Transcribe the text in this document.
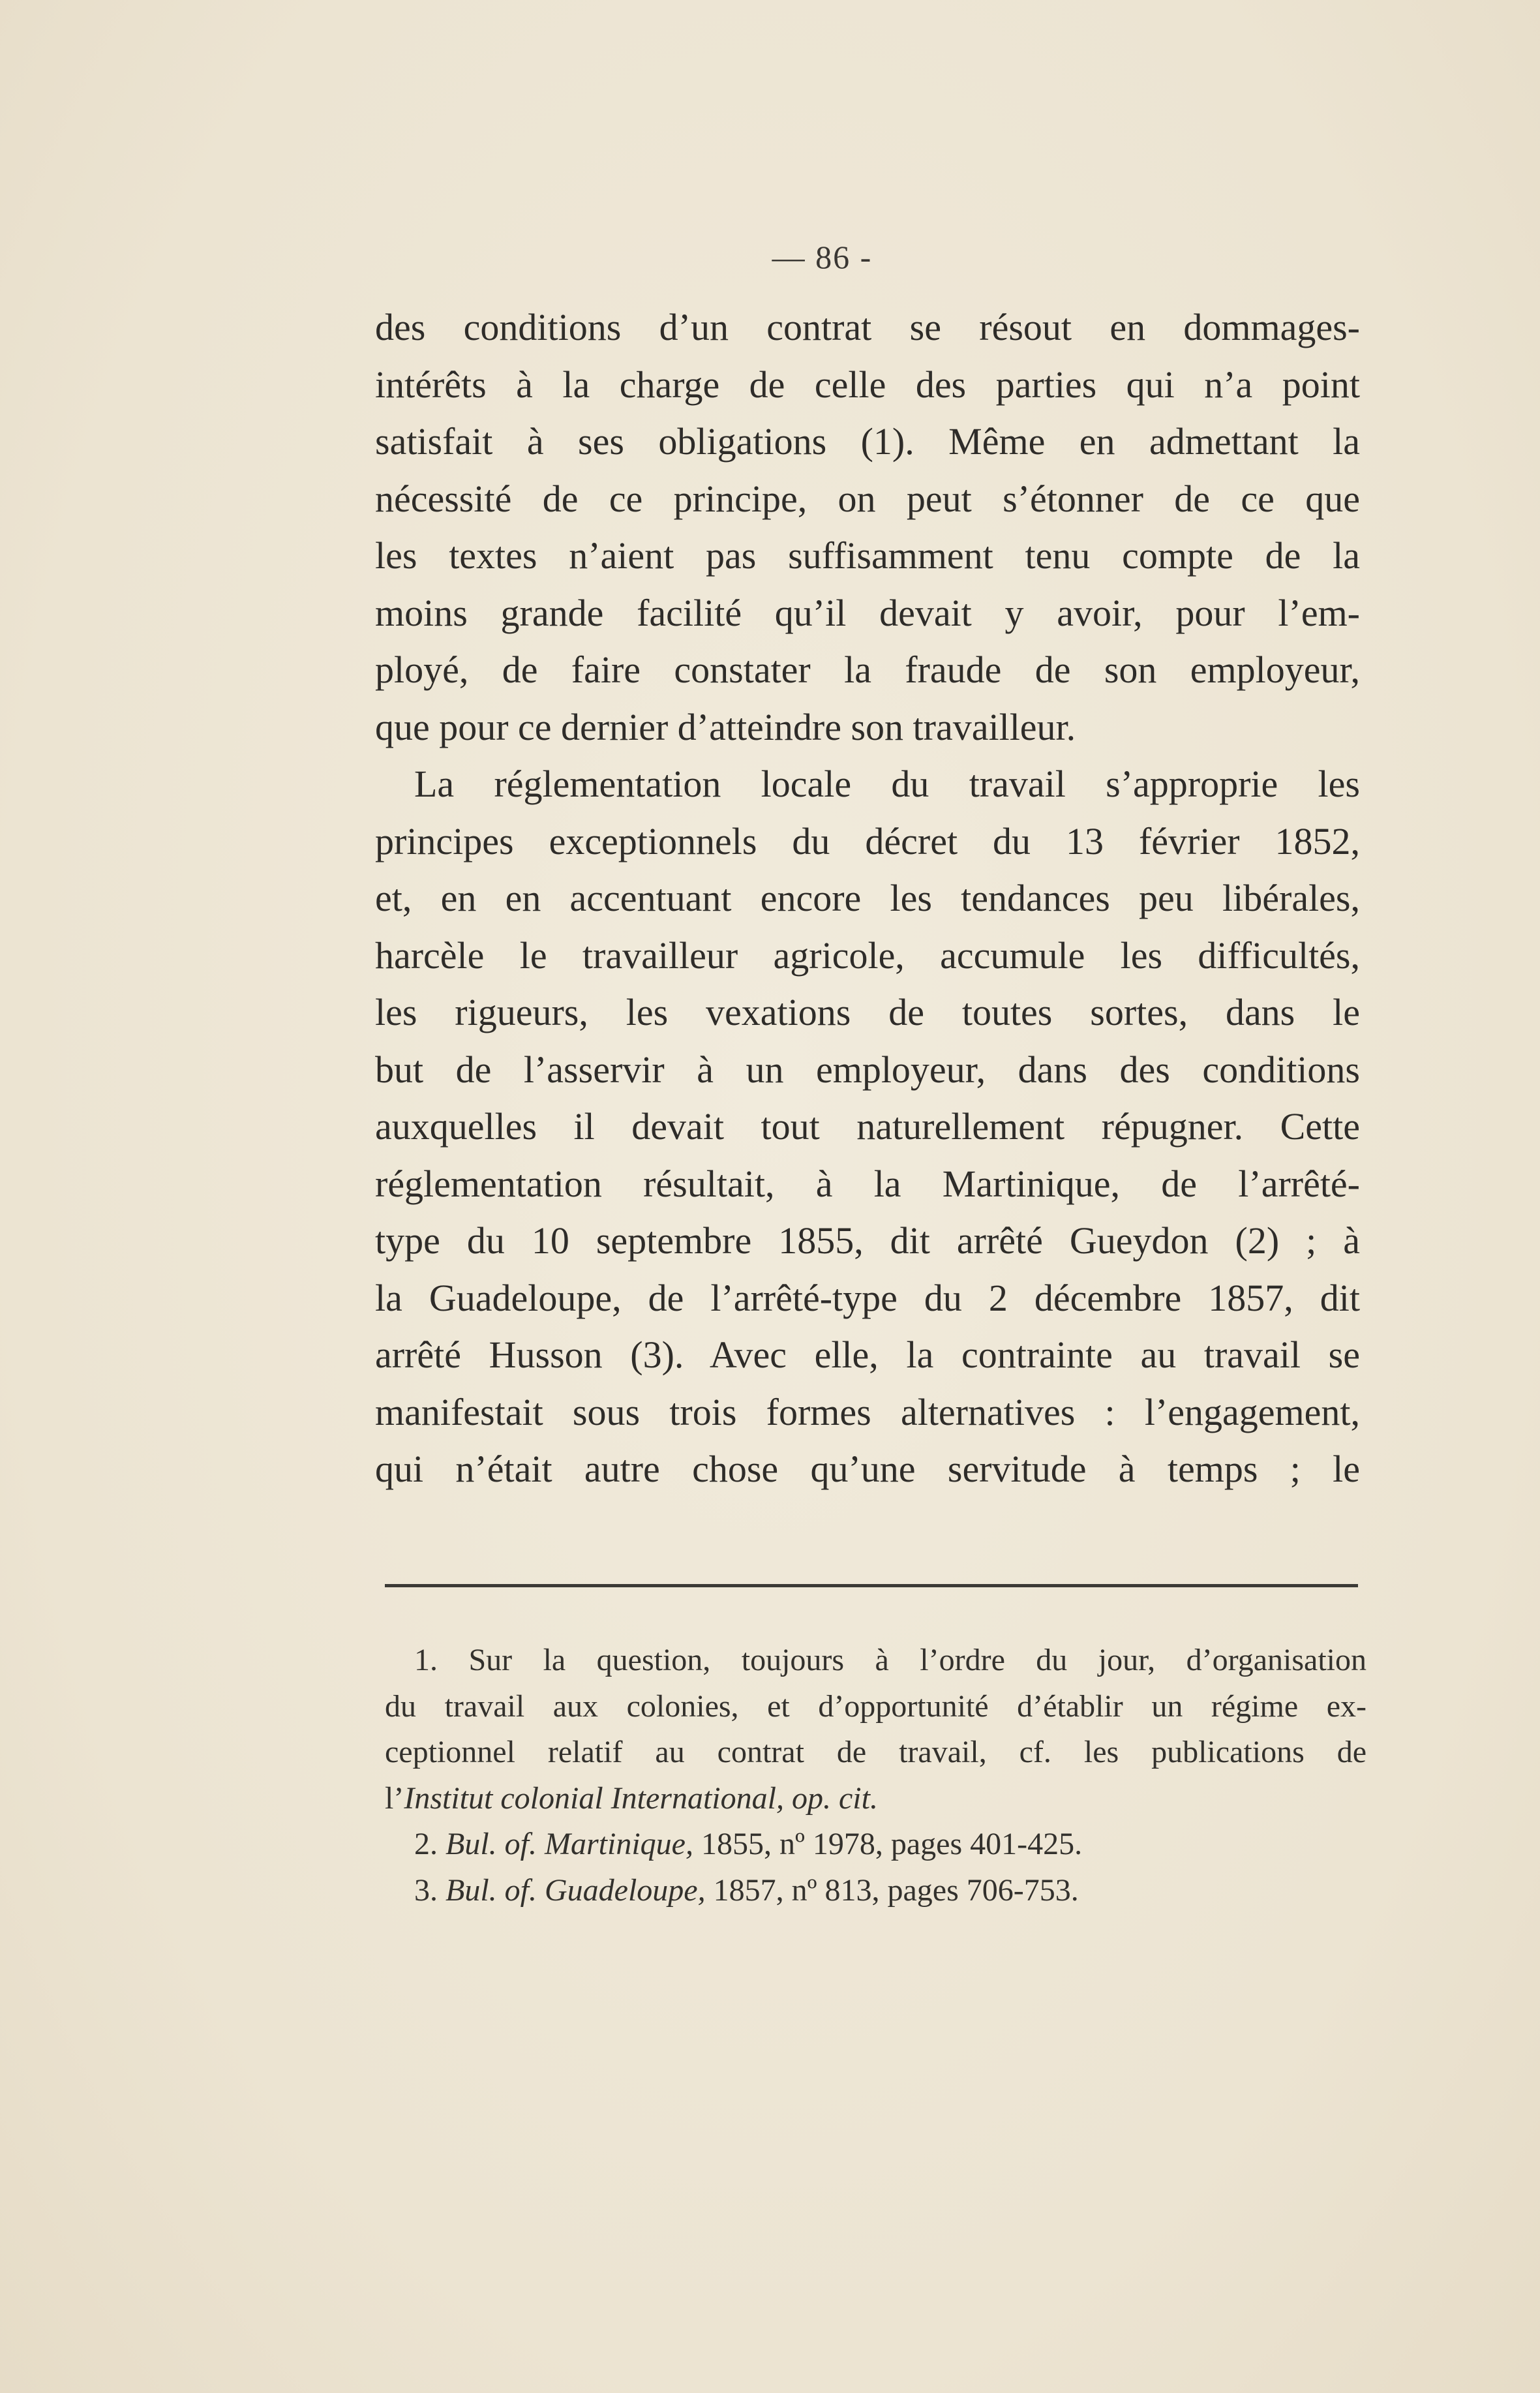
— 86 -
des conditions d’un contrat se résout en dommages-
intérêts à la charge de celle des parties qui n’a point
satisfait à ses obligations (1). Même en admettant la
nécessité de ce principe, on peut s’étonner de ce que
les textes n’aient pas suffisamment tenu compte de la
moins grande facilité qu’il devait y avoir, pour l’em-
ployé, de faire constater la fraude de son employeur,
que pour ce dernier d’atteindre son travailleur.
La réglementation locale du travail s’approprie les
principes exceptionnels du décret du 13 février 1852,
et, en en accentuant encore les tendances peu libérales,
harcèle le travailleur agricole, accumule les difficultés,
les rigueurs, les vexations de toutes sortes, dans le
but de l’asservir à un employeur, dans des conditions
auxquelles il devait tout naturellement répugner. Cette
réglementation résultait, à la Martinique, de l’arrêté-
type du 10 septembre 1855, dit arrêté Gueydon (2) ; à
la Guadeloupe, de l’arrêté-type du 2 décembre 1857, dit
arrêté Husson (3). Avec elle, la contrainte au travail se
manifestait sous trois formes alternatives : l’engagement,
qui n’était autre chose qu’une servitude à temps ; le
1. Sur la question, toujours à l’ordre du jour, d’organisation
du travail aux colonies, et d’opportunité d’établir un régime ex-
ceptionnel relatif au contrat de travail, cf. les publications de
l’Institut colonial International, op. cit.
2. Bul. of. Martinique, 1855, nº 1978, pages 401-425.
3. Bul. of. Guadeloupe, 1857, nº 813, pages 706-753.
